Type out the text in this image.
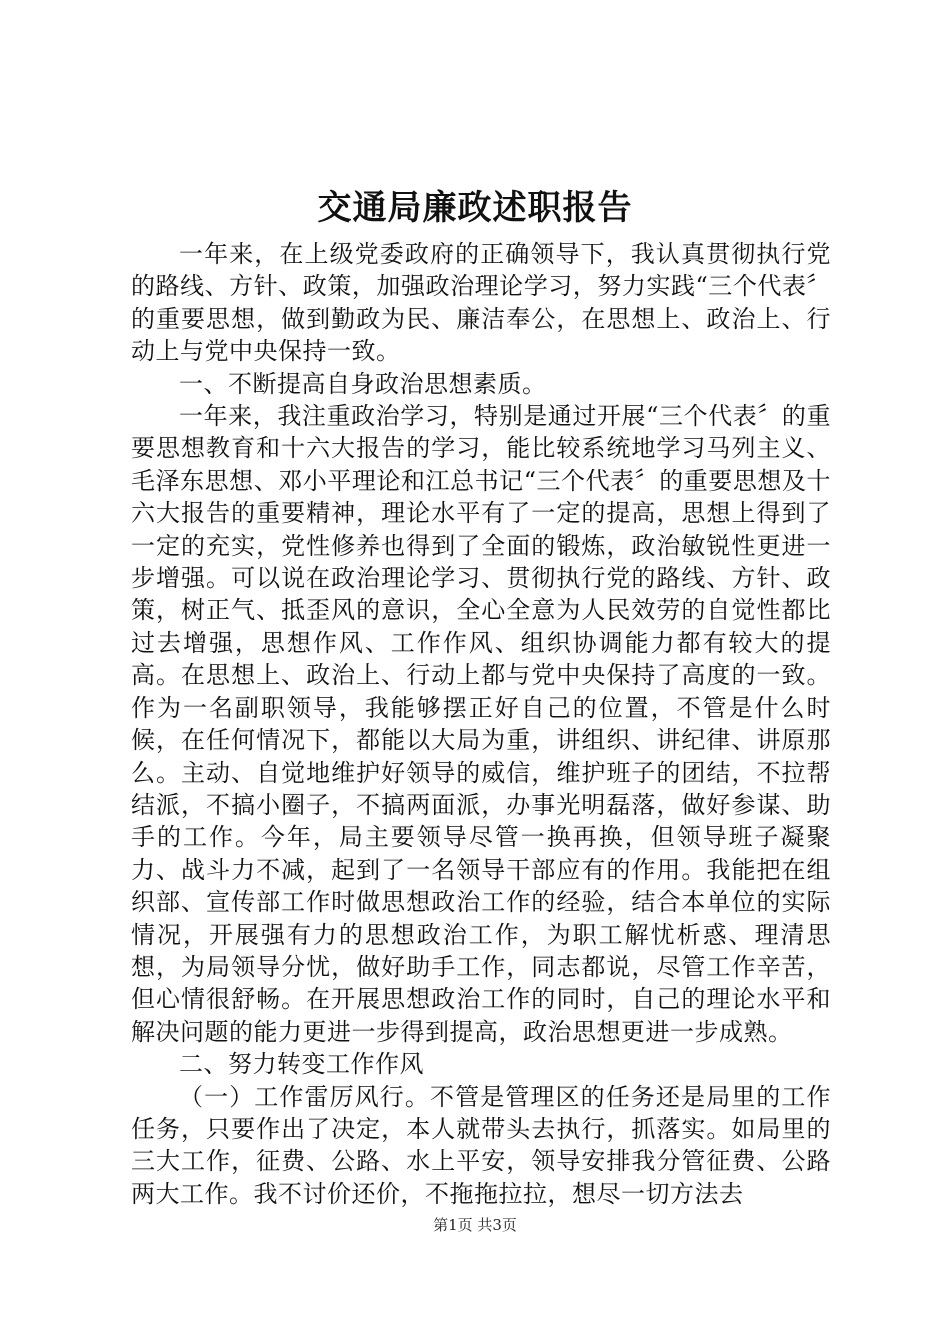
交通局廉政述职报告

一年来，在上级党委政府的正确领导下，我认真贯彻执行党的路线、方针、政策，加强政治理论学习，努力实践“三个代表〞的重要思想，做到勤政为民、廉洁奉公，在思想上、政治上、行动上与党中央保持一致。

一、不断提高自身政治思想素质。

一年来，我注重政治学习，特别是通过开展“三个代表〞的重要思想教育和十六大报告的学习，能比较系统地学习马列主义、毛泽东思想、邓小平理论和江总书记“三个代表〞的重要思想及十六大报告的重要精神，理论水平有了一定的提高，思想上得到了一定的充实，党性修养也得到了全面的锻炼，政治敏锐性更进一步增强。可以说在政治理论学习、贯彻执行党的路线、方针、政策，树正气、抵歪风的意识，全心全意为人民效劳的自觉性都比过去增强，思想作风、工作作风、组织协调能力都有较大的提高。在思想上、政治上、行动上都与党中央保持了高度的一致。作为一名副职领导，我能够摆正好自己的位置，不管是什么时候，在任何情况下，都能以大局为重，讲组织、讲纪律、讲原那么。主动、自觉地维护好领导的威信，维护班子的团结，不拉帮结派，不搞小圈子，不搞两面派，办事光明磊落，做好参谋、助手的工作。今年，局主要领导尽管一换再换，但领导班子凝聚力、战斗力不减，起到了一名领导干部应有的作用。我能把在组织部、宣传部工作时做思想政治工作的经验，结合本单位的实际情况，开展强有力的思想政治工作，为职工解忧析惑、理清思想，为局领导分忧，做好助手工作，同志都说，尽管工作辛苦，但心情很舒畅。在开展思想政治工作的同时，自己的理论水平和解决问题的能力更进一步得到提高，政治思想更进一步成熟。

二、努力转变工作作风

（一）工作雷厉风行。不管是管理区的任务还是局里的工作任务，只要作出了决定，本人就带头去执行，抓落实。如局里的三大工作，征费、公路、水上平安，领导安排我分管征费、公路两大工作。我不讨价还价，不拖拖拉拉，想尽一切方法去

第1页 共3页
